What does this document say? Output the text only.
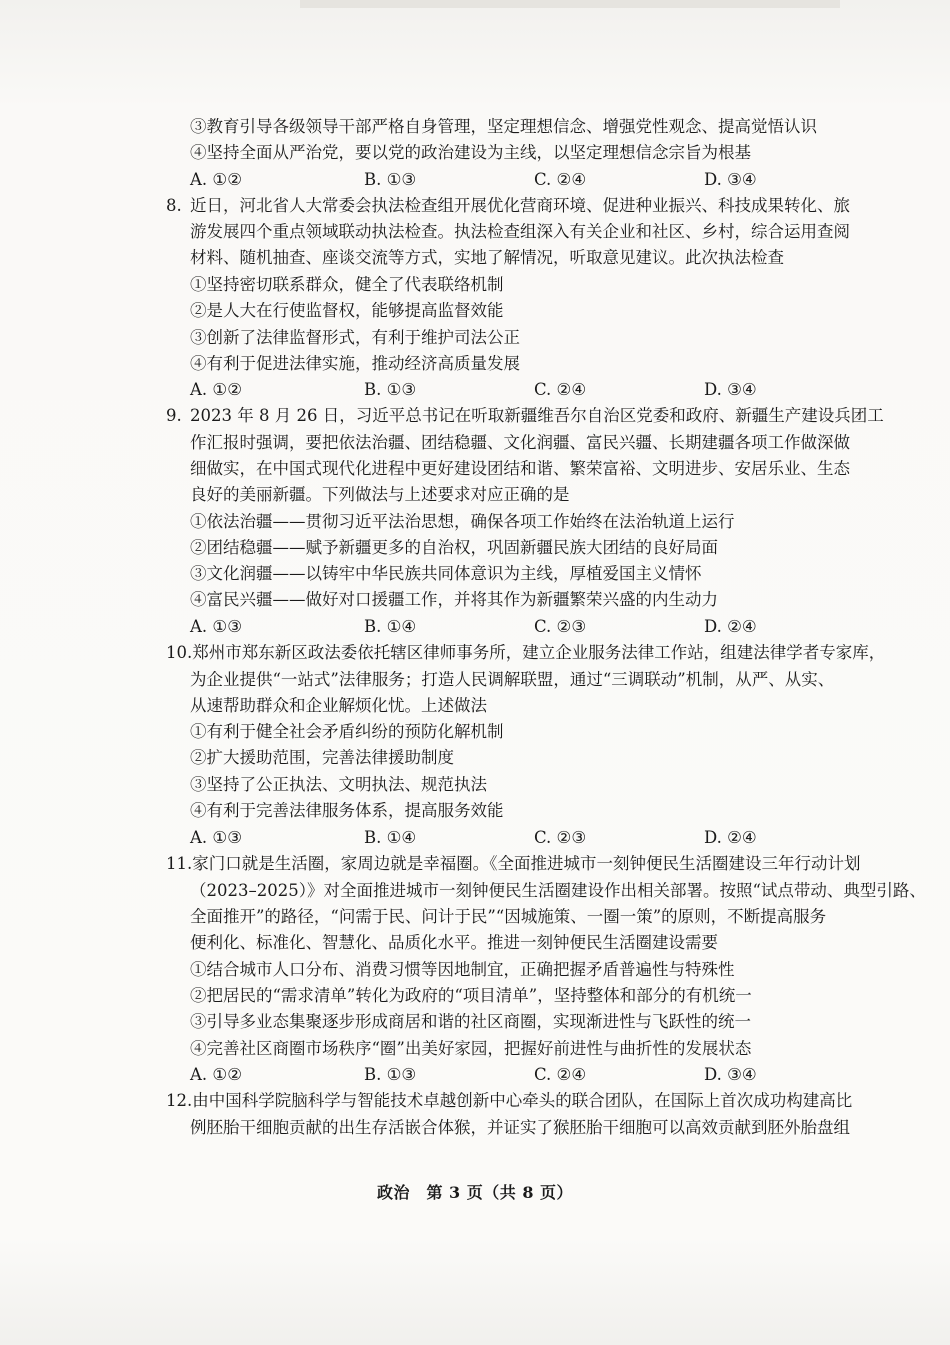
③教育引导各级领导干部严格自身管理，坚定理想信念、增强党性观念、提高觉悟认识
④坚持全面从严治党，要以党的政治建设为主线，以坚定理想信念宗旨为根基
A. ①②	B. ①③	C. ②④	D. ③④
8. 近日，河北省人大常委会执法检查组开展优化营商环境、促进种业振兴、科技成果转化、旅
游发展四个重点领域联动执法检查。执法检查组深入有关企业和社区、乡村，综合运用查阅
材料、随机抽查、座谈交流等方式，实地了解情况，听取意见建议。此次执法检查
①坚持密切联系群众，健全了代表联络机制
②是人大在行使监督权，能够提高监督效能
③创新了法律监督形式，有利于维护司法公正
④有利于促进法律实施，推动经济高质量发展
A. ①②	B. ①③	C. ②④	D. ③④
9. 2023 年 8 月 26 日，习近平总书记在听取新疆维吾尔自治区党委和政府、新疆生产建设兵团工
作汇报时强调，要把依法治疆、团结稳疆、文化润疆、富民兴疆、长期建疆各项工作做深做
细做实，在中国式现代化进程中更好建设团结和谐、繁荣富裕、文明进步、安居乐业、生态
良好的美丽新疆。下列做法与上述要求对应正确的是
①依法治疆——贯彻习近平法治思想，确保各项工作始终在法治轨道上运行
②团结稳疆——赋予新疆更多的自治权，巩固新疆民族大团结的良好局面
③文化润疆——以铸牢中华民族共同体意识为主线，厚植爱国主义情怀
④富民兴疆——做好对口援疆工作，并将其作为新疆繁荣兴盛的内生动力
A. ①③	B. ①④	C. ②③	D. ②④
10.郑州市郑东新区政法委依托辖区律师事务所，建立企业服务法律工作站，组建法律学者专家库，
为企业提供“一站式”法律服务；打造人民调解联盟，通过“三调联动”机制，从严、从实、
从速帮助群众和企业解烦化忧。上述做法
①有利于健全社会矛盾纠纷的预防化解机制
②扩大援助范围，完善法律援助制度
③坚持了公正执法、文明执法、规范执法
④有利于完善法律服务体系，提高服务效能
A. ①③	B. ①④	C. ②③	D. ②④
11.家门口就是生活圈，家周边就是幸福圈。《全面推进城市一刻钟便民生活圈建设三年行动计划
（2023–2025）》对全面推进城市一刻钟便民生活圈建设作出相关部署。按照“试点带动、典型引路、
全面推开”的路径，“问需于民、问计于民”“因城施策、一圈一策”的原则，不断提高服务
便利化、标准化、智慧化、品质化水平。推进一刻钟便民生活圈建设需要
①结合城市人口分布、消费习惯等因地制宜，正确把握矛盾普遍性与特殊性
②把居民的“需求清单”转化为政府的“项目清单”，坚持整体和部分的有机统一
③引导多业态集聚逐步形成商居和谐的社区商圈，实现渐进性与飞跃性的统一
④完善社区商圈市场秩序“圈”出美好家园，把握好前进性与曲折性的发展状态
A. ①②	B. ①③	C. ②④	D. ③④
12.由中国科学院脑科学与智能技术卓越创新中心牵头的联合团队，在国际上首次成功构建高比
例胚胎干细胞贡献的出生存活嵌合体猴，并证实了猴胚胎干细胞可以高效贡献到胚外胎盘组
政治　第 3 页（共 8 页）
